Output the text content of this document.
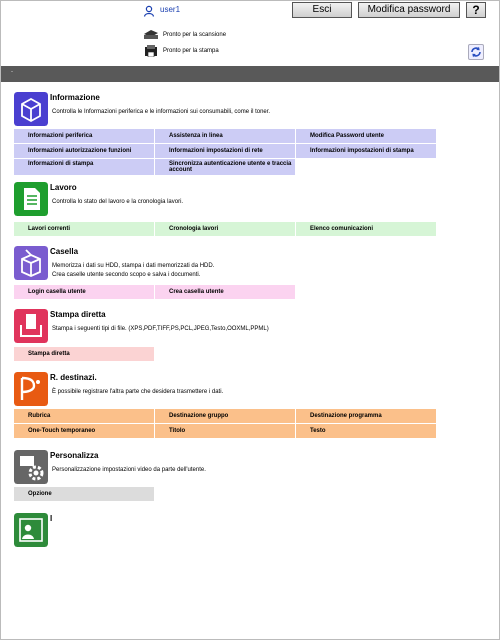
user1	Esci	Modifica password	?
Pronto per la scansione
Pronto per la stampa
-
Informazione
Controlla le Informazioni periferica e le informazioni sui consumabili, come il toner.
Informazioni periferica	Assistenza in linea	Modifica Password utente
Informazioni autorizzazione funzioni	Informazioni impostazioni di rete	Informazioni impostazioni di stampa
Informazioni di stampa	Sincronizza autenticazione utente e traccia account
Lavoro
Controlla lo stato del lavoro e la cronologia lavori.
Lavori correnti	Cronologia lavori	Elenco comunicazioni
Casella
Memorizza i dati su HDD, stampa i dati memorizzati da HDD.
Crea caselle utente secondo scopo e salva i documenti.
Login casella utente	Crea casella utente
Stampa diretta
Stampa i seguenti tipi di file. (XPS,PDF,TIFF,PS,PCL,JPEG,Testo,OOXML,PPML)
Stampa diretta
R. destinazi.
È possibile registrare l'altra parte che desidera trasmettere i dati.
Rubrica	Destinazione gruppo	Destinazione programma
One-Touch temporaneo	Titolo	Testo
Personalizza
Personalizzazione impostazioni video da parte dell'utente.
Opzione
l
